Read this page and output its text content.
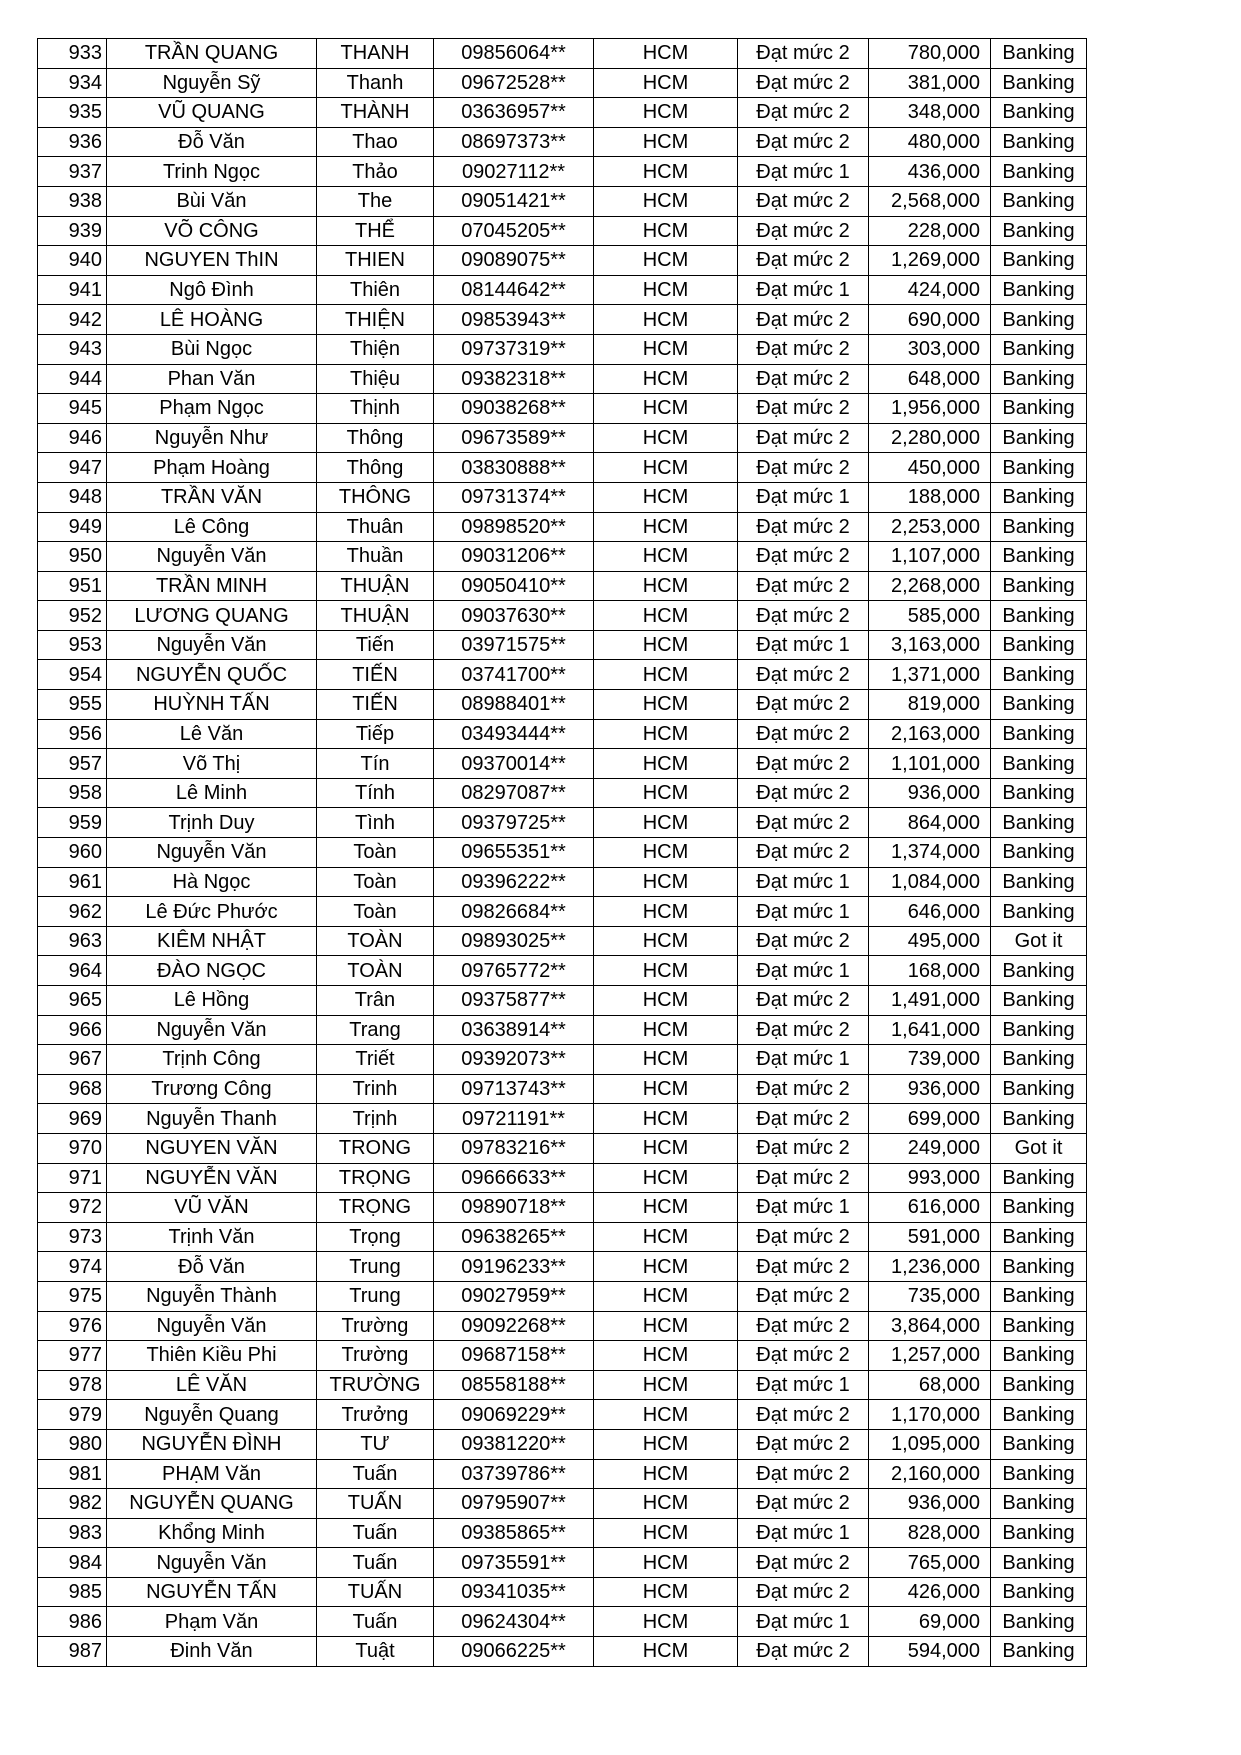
933	TRẦN QUANG	THANH	09856064**	HCM	Đạt mức 2	780,000	Banking
934	Nguyễn Sỹ	Thanh	09672528**	HCM	Đạt mức 2	381,000	Banking
935	VŨ QUANG	THÀNH	03636957**	HCM	Đạt mức 2	348,000	Banking
936	Đỗ Văn	Thao	08697373**	HCM	Đạt mức 2	480,000	Banking
937	Trinh Ngọc	Thảo	09027112**	HCM	Đạt mức 1	436,000	Banking
938	Bùi Văn	The	09051421**	HCM	Đạt mức 2	2,568,000	Banking
939	VÕ CÔNG	THỂ	07045205**	HCM	Đạt mức 2	228,000	Banking
940	NGUYEN ThIN	THIEN	09089075**	HCM	Đạt mức 2	1,269,000	Banking
941	Ngô Đình	Thiên	08144642**	HCM	Đạt mức 1	424,000	Banking
942	LÊ HOÀNG	THIỆN	09853943**	HCM	Đạt mức 2	690,000	Banking
943	Bùi Ngọc	Thiện	09737319**	HCM	Đạt mức 2	303,000	Banking
944	Phan Văn	Thiệu	09382318**	HCM	Đạt mức 2	648,000	Banking
945	Phạm Ngọc	Thịnh	09038268**	HCM	Đạt mức 2	1,956,000	Banking
946	Nguyễn Như	Thông	09673589**	HCM	Đạt mức 2	2,280,000	Banking
947	Phạm Hoàng	Thông	03830888**	HCM	Đạt mức 2	450,000	Banking
948	TRẦN VĂN	THÔNG	09731374**	HCM	Đạt mức 1	188,000	Banking
949	Lê Công	Thuân	09898520**	HCM	Đạt mức 2	2,253,000	Banking
950	Nguyễn Văn	Thuần	09031206**	HCM	Đạt mức 2	1,107,000	Banking
951	TRẦN MINH	THUẬN	09050410**	HCM	Đạt mức 2	2,268,000	Banking
952	LƯƠNG QUANG	THUẬN	09037630**	HCM	Đạt mức 2	585,000	Banking
953	Nguyễn Văn	Tiến	03971575**	HCM	Đạt mức 1	3,163,000	Banking
954	NGUYỄN QUỐC	TIẾN	03741700**	HCM	Đạt mức 2	1,371,000	Banking
955	HUỲNH TẤN	TIẾN	08988401**	HCM	Đạt mức 2	819,000	Banking
956	Lê Văn	Tiếp	03493444**	HCM	Đạt mức 2	2,163,000	Banking
957	Võ Thị	Tín	09370014**	HCM	Đạt mức 2	1,101,000	Banking
958	Lê Minh	Tính	08297087**	HCM	Đạt mức 2	936,000	Banking
959	Trịnh Duy	Tình	09379725**	HCM	Đạt mức 2	864,000	Banking
960	Nguyễn Văn	Toàn	09655351**	HCM	Đạt mức 2	1,374,000	Banking
961	Hà Ngọc	Toàn	09396222**	HCM	Đạt mức 1	1,084,000	Banking
962	Lê Đức Phước	Toàn	09826684**	HCM	Đạt mức 1	646,000	Banking
963	KIÊM NHẬT	TOÀN	09893025**	HCM	Đạt mức 2	495,000	Got it
964	ĐÀO NGỌC	TOÀN	09765772**	HCM	Đạt mức 1	168,000	Banking
965	Lê Hồng	Trân	09375877**	HCM	Đạt mức 2	1,491,000	Banking
966	Nguyễn Văn	Trang	03638914**	HCM	Đạt mức 2	1,641,000	Banking
967	Trịnh Công	Triết	09392073**	HCM	Đạt mức 1	739,000	Banking
968	Trương Công	Trinh	09713743**	HCM	Đạt mức 2	936,000	Banking
969	Nguyễn Thanh	Trịnh	09721191**	HCM	Đạt mức 2	699,000	Banking
970	NGUYEN VĂN	TRONG	09783216**	HCM	Đạt mức 2	249,000	Got it
971	NGUYỄN VĂN	TRỌNG	09666633**	HCM	Đạt mức 2	993,000	Banking
972	VŨ VĂN	TRỌNG	09890718**	HCM	Đạt mức 1	616,000	Banking
973	Trịnh Văn	Trọng	09638265**	HCM	Đạt mức 2	591,000	Banking
974	Đỗ Văn	Trung	09196233**	HCM	Đạt mức 2	1,236,000	Banking
975	Nguyễn Thành	Trung	09027959**	HCM	Đạt mức 2	735,000	Banking
976	Nguyễn Văn	Trường	09092268**	HCM	Đạt mức 2	3,864,000	Banking
977	Thiên Kiều Phi	Trường	09687158**	HCM	Đạt mức 2	1,257,000	Banking
978	LÊ VĂN	TRƯỜNG	08558188**	HCM	Đạt mức 1	68,000	Banking
979	Nguyễn Quang	Trưởng	09069229**	HCM	Đạt mức 2	1,170,000	Banking
980	NGUYỄN ĐÌNH	TƯ	09381220**	HCM	Đạt mức 2	1,095,000	Banking
981	PHẠM Văn	Tuấn	03739786**	HCM	Đạt mức 2	2,160,000	Banking
982	NGUYỄN QUANG	TUẤN	09795907**	HCM	Đạt mức 2	936,000	Banking
983	Khổng Minh	Tuấn	09385865**	HCM	Đạt mức 1	828,000	Banking
984	Nguyễn Văn	Tuấn	09735591**	HCM	Đạt mức 2	765,000	Banking
985	NGUYỄN TẤN	TUẤN	09341035**	HCM	Đạt mức 2	426,000	Banking
986	Phạm Văn	Tuấn	09624304**	HCM	Đạt mức 1	69,000	Banking
987	Đinh Văn	Tuật	09066225**	HCM	Đạt mức 2	594,000	Banking
